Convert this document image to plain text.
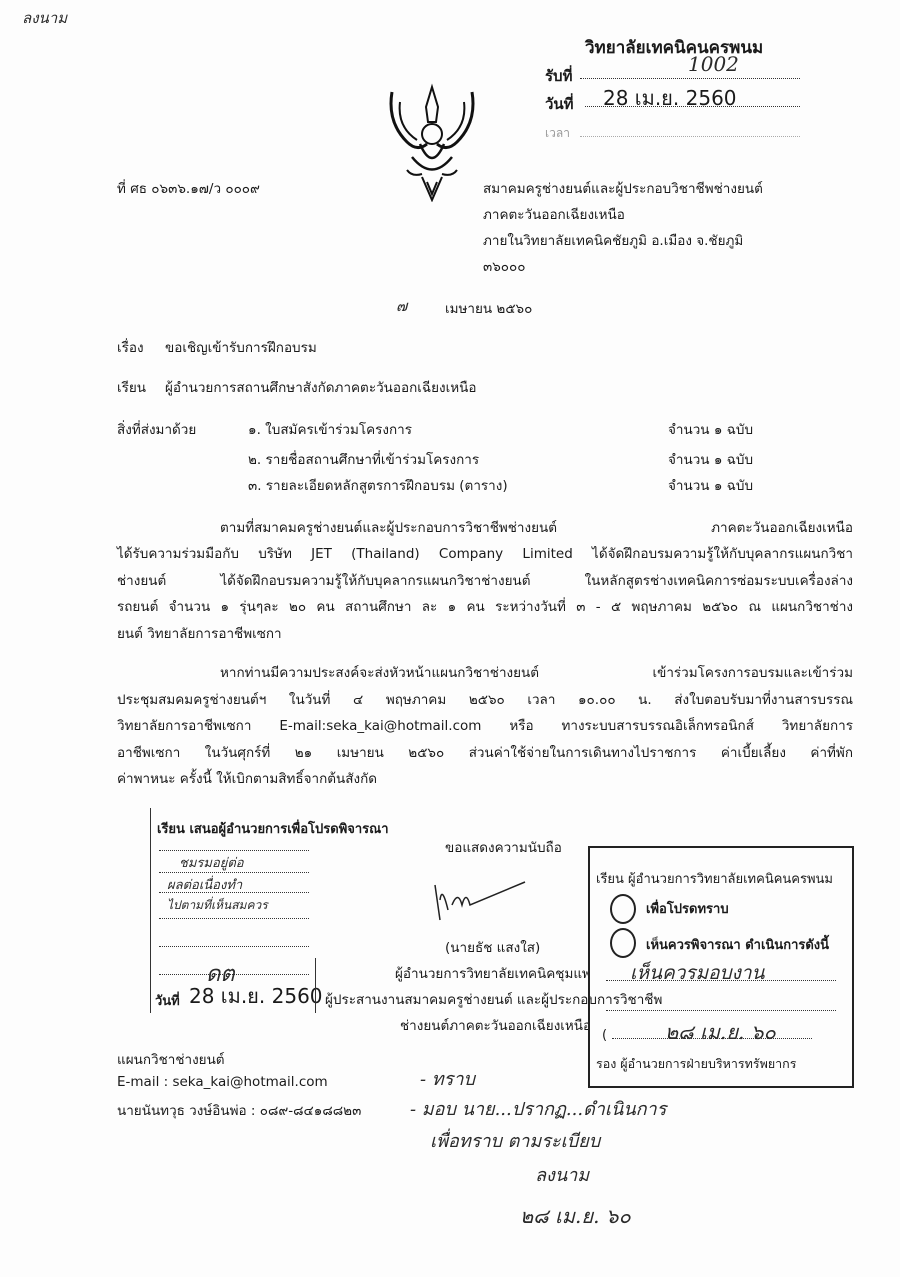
ลงนาม
วิทยาลัยเทคนิคนครพนม
รับที่	1002
วันที่ 28 เม.ย. 2560
เวลา
ที่ ศธ ๐๖๓๖.๑๗/ว ๐๐๐๙	สมาคมครูช่างยนต์และผู้ประกอบวิชาชีพช่างยนต์
ภาคตะวันออกเฉียงเหนือ
ภายในวิทยาลัยเทคนิคชัยภูมิ อ.เมือง จ.ชัยภูมิ
๓๖๐๐๐
๗	เมษายน ๒๕๖๐
เรื่อง ขอเชิญเข้ารับการฝึกอบรม
เรียน ผู้อำนวยการสถานศึกษาสังกัดภาคตะวันออกเฉียงเหนือ
สิ่งที่ส่งมาด้วย	๑. ใบสมัครเข้าร่วมโครงการ	จำนวน ๑ ฉบับ
๒. รายชื่อสถานศึกษาที่เข้าร่วมโครงการ	จำนวน ๑ ฉบับ
๓. รายละเอียดหลักสูตรการฝึกอบรม (ตาราง)	จำนวน ๑ ฉบับ
ตามที่สมาคมครูช่างยนต์และผู้ประกอบการวิชาชีพช่างยนต์ ภาคตะวันออกเฉียงเหนือ
ได้รับความร่วมมือกับ บริษัท JET (Thailand) Company Limited ได้จัดฝึกอบรมความรู้ให้กับบุคลากรแผนกวิชา
ช่างยนต์ ได้จัดฝึกอบรมความรู้ให้กับบุคลากรแผนกวิชาช่างยนต์ ในหลักสูตรช่างเทคนิคการซ่อมระบบเครื่องล่าง
รถยนต์ จำนวน ๑ รุ่นๆละ ๒๐ คน สถานศึกษา ละ ๑ คน ระหว่างวันที่ ๓ - ๕ พฤษภาคม ๒๕๖๐ ณ แผนกวิชาช่าง
ยนต์ วิทยาลัยการอาชีพเซกา
หากท่านมีความประสงค์จะส่งหัวหน้าแผนกวิชาช่างยนต์ เข้าร่วมโครงการอบรมและเข้าร่วม
ประชุมสมคมครูช่างยนต์ฯ ในวันที่ ๔ พฤษภาคม ๒๕๖๐ เวลา ๑๐.๐๐ น. ส่งใบตอบรับมาที่งานสารบรรณ
วิทยาลัยการอาชีพเซกา E-mail:seka_kai@hotmail.com หรือ ทางระบบสารบรรณอิเล็กทรอนิกส์ วิทยาลัยการ
อาชีพเซกา ในวันศุกร์ที่ ๒๑ เมษายน ๒๕๖๐ ส่วนค่าใช้จ่ายในการเดินทางไปราชการ ค่าเบี้ยเลี้ยง ค่าที่พัก
ค่าพาหนะ ครั้งนี้ ให้เบิกตามสิทธิ์จากต้นสังกัด
เรียน เสนอผู้อำนวยการเพื่อโปรดพิจารณา
ชมรมอยู่ต่อ
ผลต่อเนื่องทำ
ไปตามที่เห็นสมควร
ดต
วันที่ 28 เม.ย. 2560
ขอแสดงความนับถือ
(นายธัช แสงใส)
ผู้อำนวยการวิทยาลัยเทคนิคชุมแพ
ผู้ประสานงานสมาคมครูช่างยนต์ และผู้ประกอบการวิชาชีพ
ช่างยนต์ภาคตะวันออกเฉียงเหนือ
เรียน ผู้อำนวยการวิทยาลัยเทคนิคนครพนม
เพื่อโปรดทราบ
เห็นควรพิจารณา ดำเนินการดังนี้
เห็นควรมอบงาน
(	๒๘ เม.ย. ๖๐
รอง ผู้อำนวยการฝ่ายบริหารทรัพยากร
แผนกวิชาช่างยนต์
E-mail : seka_kai@hotmail.com
นายนันทวุธ วงษ์อินพ่อ : ๐๘๙-๘๔๑๘๘๒๓
- ทราบ
- มอบ นาย...ปรากฏ...ดำเนินการ
เพื่อทราบ ตามระเบียบ
ลงนาม
๒๘ เม.ย. ๖๐
